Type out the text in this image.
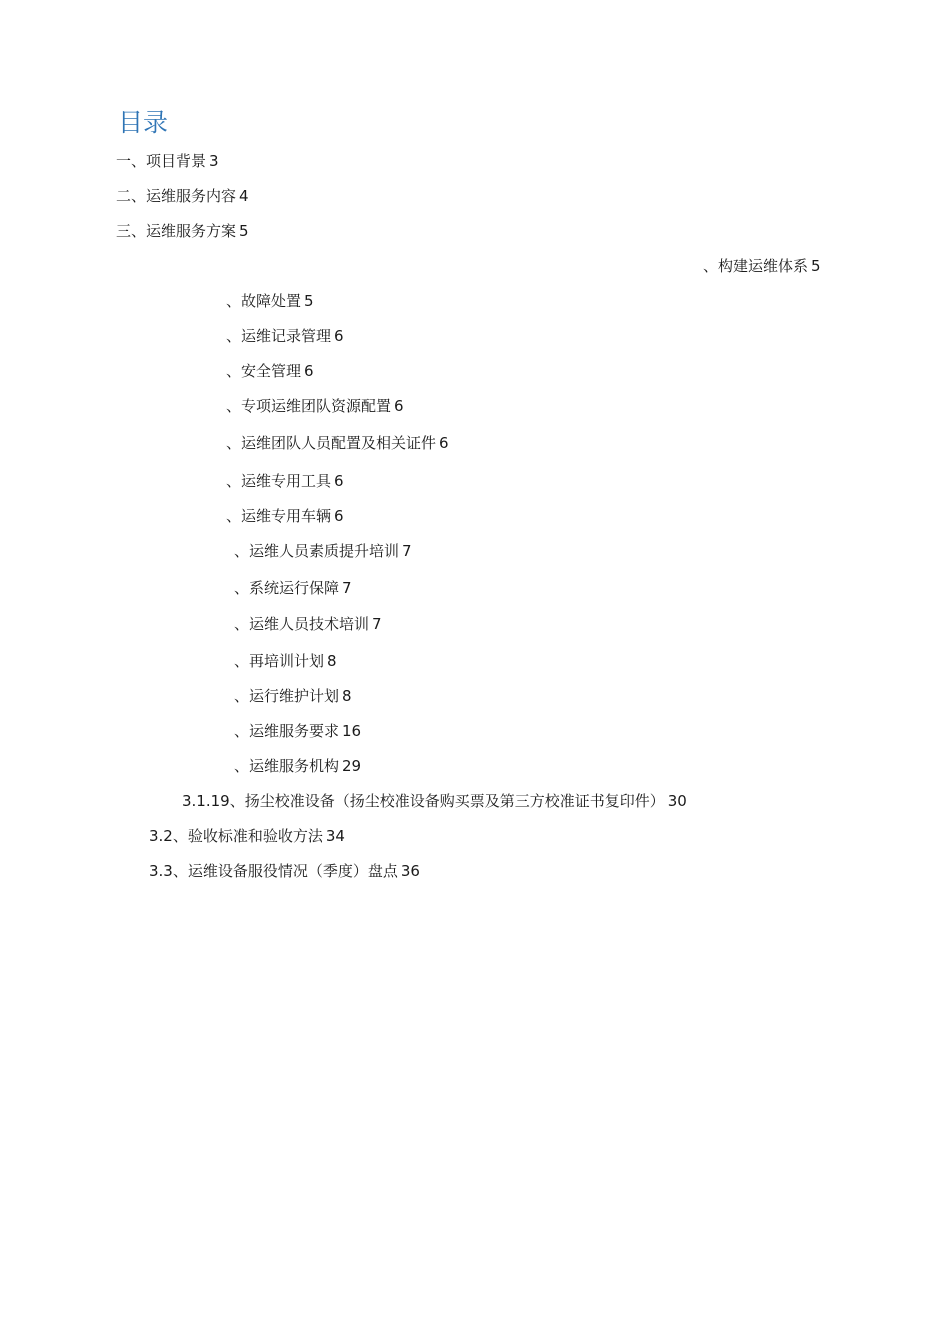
目录
一、项目背景 3
二、运维服务内容 4
三、运维服务方案 5
、构建运维体系 5
、故障处置 5
、运维记录管理 6
、安全管理 6
、专项运维团队资源配置 6
、运维团队人员配置及相关证件 6
、运维专用工具 6
、运维专用车辆 6
、运维人员素质提升培训 7
、系统运行保障 7
、运维人员技术培训 7
、再培训计划 8
、运行维护计划 8
、运维服务要求 16
、运维服务机构 29
3.1.19、扬尘校准设备（扬尘校准设备购买票及第三方校准证书复印件） 30
3.2、验收标准和验收方法 34
3.3、运维设备服役情况（季度）盘点 36
